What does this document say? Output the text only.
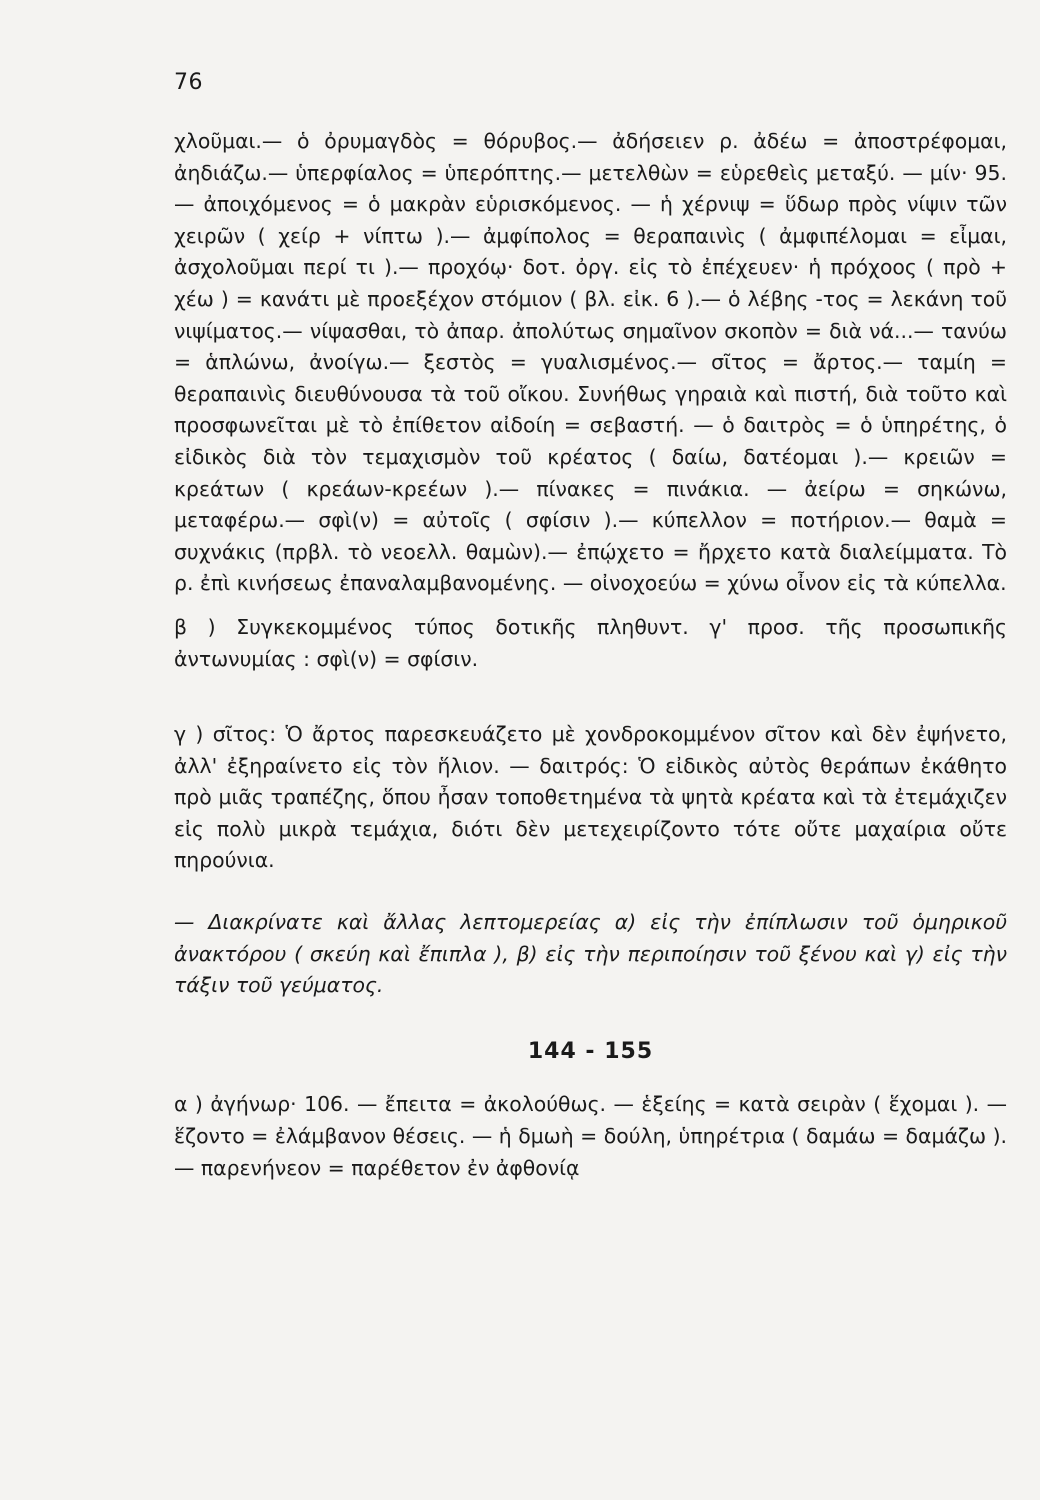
76

χλοῦμαι.— ὁ ὀρυμαγδὸς = θόρυβος.— ἀδήσειεν ρ. ἀδέω = ἀποστρέφομαι, ἀηδιάζω.— ὑπερφίαλος = ὑπερόπτης.— μετελθὼν = εὑρεθεὶς μεταξύ. — μίν· 95.— ἀποιχόμενος = ὁ μακρὰν εὑρισκόμενος. — ἡ χέρνιψ = ὕδωρ πρὸς νίψιν τῶν χειρῶν ( χείρ + νίπτω ).— ἀμφίπολος = θεραπαινὶς ( ἀμφιπέλομαι = εἶμαι, ἀσχολοῦμαι περί τι ).— προχόῳ· δοτ. ὀργ. εἰς τὸ ἐπέχευεν· ἡ πρόχοος ( πρὸ + χέω ) = κανάτι μὲ προεξέχον στόμιον ( βλ. εἰκ. 6 ).— ὁ λέβης -τος = λεκάνη τοῦ νιψίματος.— νίψασθαι, τὸ ἀπαρ. ἀπολύτως σημαῖνον σκοπὸν = διὰ νά...— τανύω = ἁπλώνω, ἀνοίγω.— ξεστὸς = γυαλισμένος.— σῖτος = ἄρτος.— ταμίη = θεραπαινὶς διευθύνουσα τὰ τοῦ οἴκου. Συνήθως γηραιὰ καὶ πιστή, διὰ τοῦτο καὶ προσφωνεῖται μὲ τὸ ἐπίθετον αἰδοίη = σεβαστή. — ὁ δαιτρὸς = ὁ ὑπηρέτης, ὁ εἰδικὸς διὰ τὸν τεμαχισμὸν τοῦ κρέατος ( δαίω, δατέομαι ).— κρειῶν = κρεάτων ( κρεάων-κρεέων ).— πίνακες = πινάκια. — ἀείρω = σηκώνω, μεταφέρω.— σφὶ(ν) = αὐτοῖς ( σφίσιν ).— κύπελλον = ποτήριον.— θαμὰ = συχνάκις (πρβλ. τὸ νεοελλ. θαμὼν).— ἐπῴχετο = ἤρχετο κατὰ διαλείμματα. Τὸ ρ. ἐπὶ κινήσεως ἐπαναλαμβανομένης. — οἰνοχοεύω = χύνω οἶνον εἰς τὰ κύπελλα.

β ) Συγκεκομμένος τύπος δοτικῆς πληθυντ. γ' προσ. τῆς προσωπικῆς ἀντωνυμίας : σφὶ(ν) = σφίσιν.

γ ) σῖτος: Ὁ ἄρτος παρεσκευάζετο μὲ χονδροκομμένον σῖτον καὶ δὲν ἐψήνετο, ἀλλ' ἐξηραίνετο εἰς τὸν ἥλιον. — δαιτρός: Ὁ εἰδικὸς αὐτὸς θεράπων ἐκάθητο πρὸ μιᾶς τραπέζης, ὅπου ἦσαν τοποθετημένα τὰ ψητὰ κρέατα καὶ τὰ ἐτεμάχιζεν εἰς πολὺ μικρὰ τεμάχια, διότι δὲν μετεχειρίζοντο τότε οὔτε μαχαίρια οὔτε πηρούνια.

— Διακρίνατε καὶ ἄλλας λεπτομερείας α) εἰς τὴν ἐπίπλωσιν τοῦ ὁμηρικοῦ ἀνακτόρου ( σκεύη καὶ ἔπιπλα ), β) εἰς τὴν περιποίησιν τοῦ ξένου καὶ γ) εἰς τὴν τάξιν τοῦ γεύματος.

144 - 155

α ) ἀγήνωρ· 106. — ἔπειτα = ἀκολούθως. — ἑξείης = κατὰ σειρὰν ( ἕχομαι ). — ἕζοντο = ἐλάμβανον θέσεις. — ἡ δμωὴ = δούλη, ὑπηρέτρια ( δαμάω = δαμάζω ). — παρενήνεον = παρέθετον ἐν ἀφθονίᾳ
